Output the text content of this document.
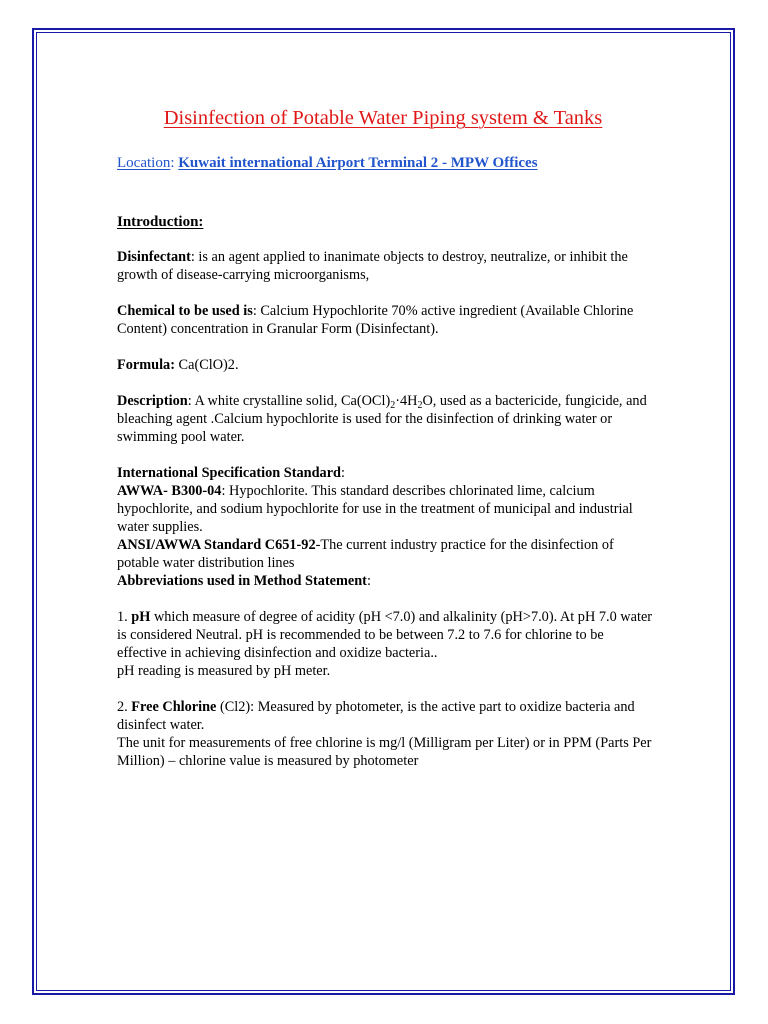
Disinfection of Potable Water Piping system & Tanks
Location: Kuwait international Airport Terminal 2 - MPW Offices
Introduction:

Disinfectant: is an agent applied to inanimate objects to destroy, neutralize, or inhibit the growth of disease-carrying microorganisms,

Chemical to be used is: Calcium Hypochlorite 70% active ingredient (Available Chlorine Content) concentration in Granular Form (Disinfectant).

Formula: Ca(ClO)2.

Description: A white crystalline solid, $Ca(OCl)_2\cdot 4H_2O$, used as a bactericide, fungicide, and bleaching agent .Calcium hypochlorite is used for the disinfection of drinking water or swimming pool water.

International Specification Standard:

AWWA- B300-04: Hypochlorite. This standard describes chlorinated lime, calcium hypochlorite, and sodium hypochlorite for use in the treatment of municipal and industrial water supplies.

ANSI/AWWA Standard C651-92-The current industry practice for the disinfection of potable water distribution lines

Abbreviations used in Method Statement:

1. pH which measure of degree of acidity (pH <7.0) and alkalinity (pH>7.0). At pH 7.0 water is considered Neutral. pH is recommended to be between 7.2 to 7.6 for chlorine to be effective in achieving disinfection and oxidize bacteria..

pH reading is measured by pH meter.

2. Free Chlorine (Cl2): Measured by photometer, is the active part to oxidize bacteria and disinfect water.

The unit for measurements of free chlorine is mg/l (Milligram per Liter) or in PPM (Parts Per Million) – chlorine value is measured by photometer
